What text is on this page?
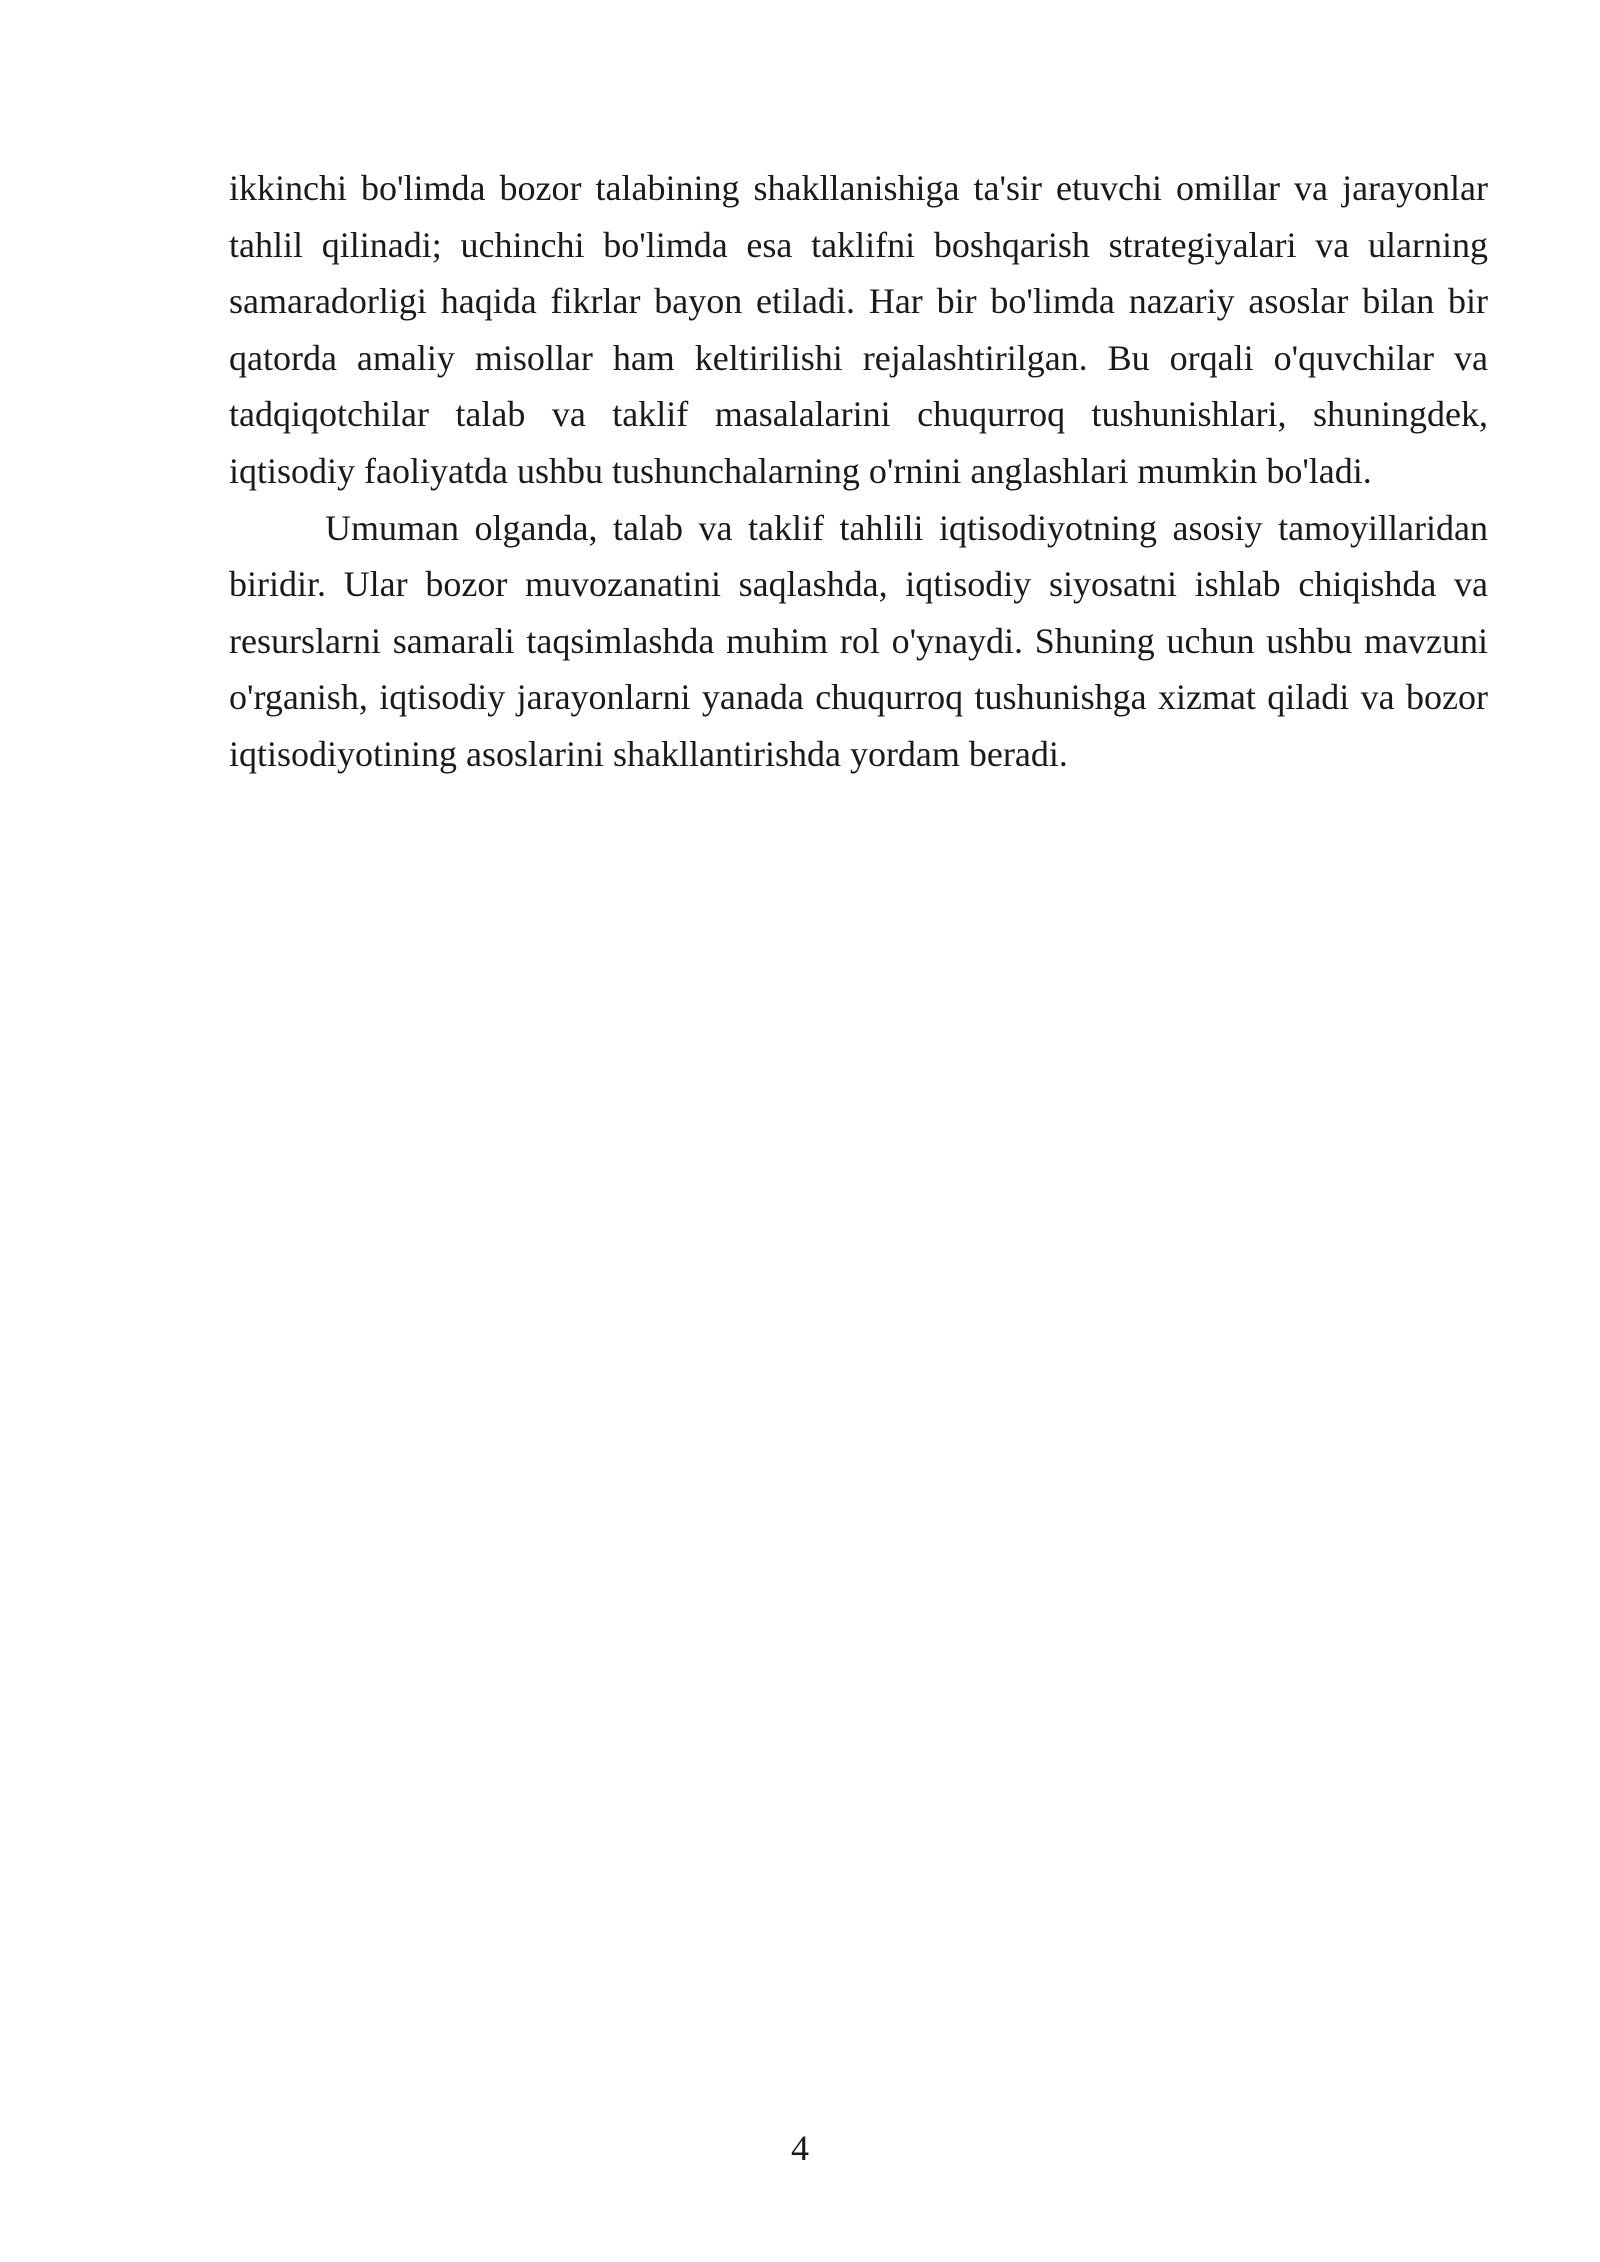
ikkinchi bo'limda bozor talabining shakllanishiga ta'sir etuvchi omillar va jarayonlar tahlil qilinadi; uchinchi bo'limda esa taklifni boshqarish strategiyalari va ularning samaradorligi haqida fikrlar bayon etiladi. Har bir bo'limda nazariy asoslar bilan bir qatorda amaliy misollar ham keltirilishi rejalashtirilgan. Bu orqali o'quvchilar va tadqiqotchilar talab va taklif masalalarini chuqurroq tushunishlari, shuningdek, iqtisodiy faoliyatda ushbu tushunchalarning o'rnini anglashlari mumkin bo'ladi.

Umuman olganda, talab va taklif tahlili iqtisodiyotning asosiy tamoyillaridan biridir. Ular bozor muvozanatini saqlashda, iqtisodiy siyosatni ishlab chiqishda va resurslarni samarali taqsimlashda muhim rol o'ynaydi. Shuning uchun ushbu mavzuni o'rganish, iqtisodiy jarayonlarni yanada chuqurroq tushunishga xizmat qiladi va bozor iqtisodiyotining asoslarini shakllantirishda yordam beradi.

4
